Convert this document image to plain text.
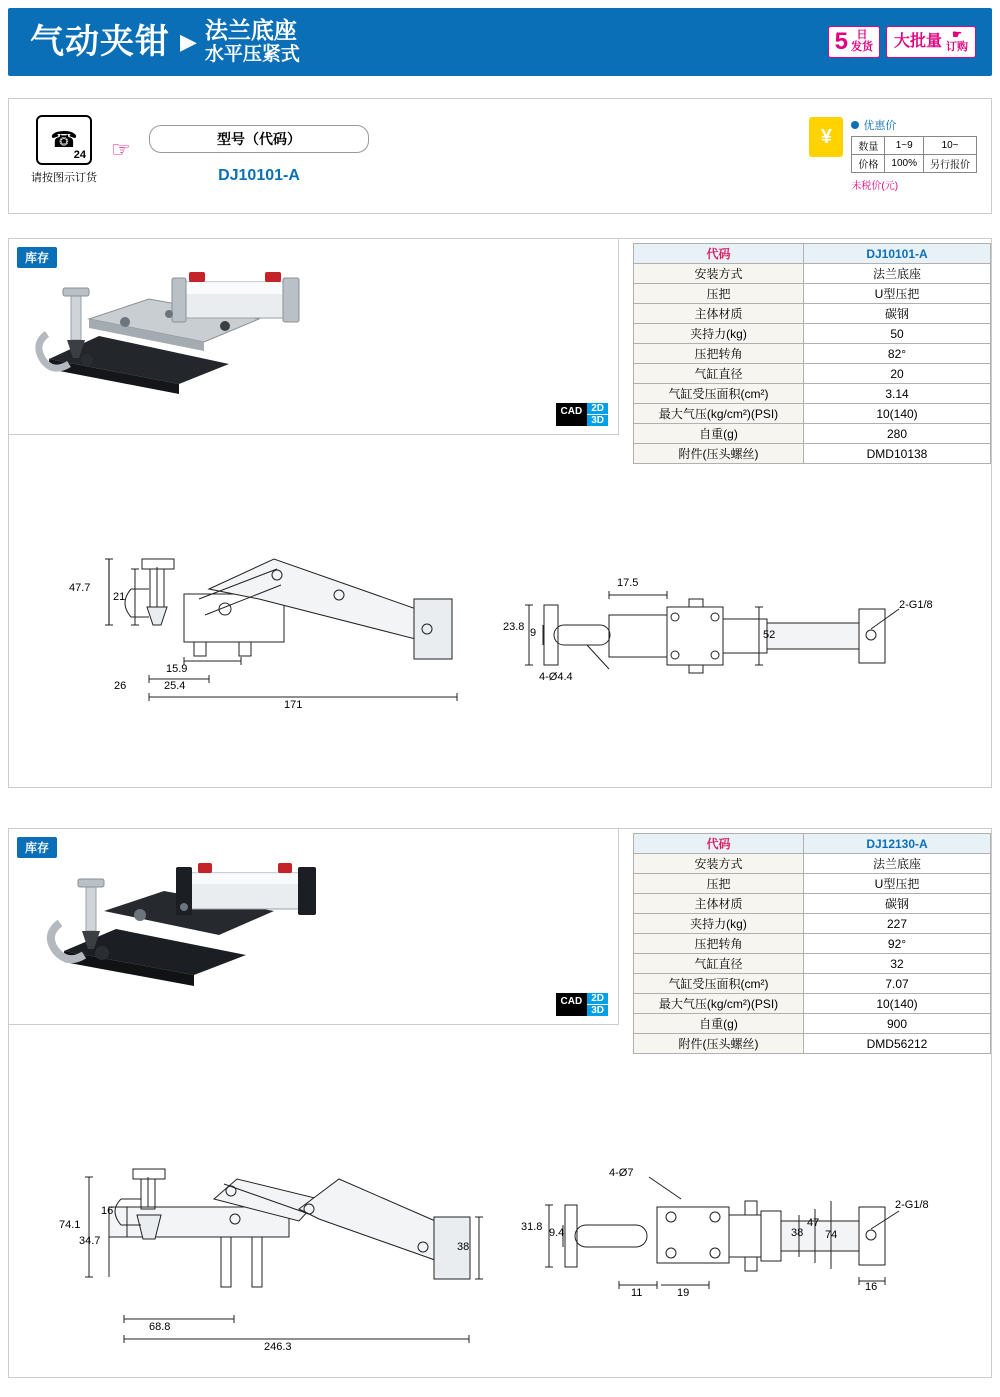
气动夹钳 ▶ 法兰底座
水平压紧式	5 日
发货 大批量 ☛
订购
☎
24
请按图示订货
☞	型号（代码）
DJ10101-A
¥	优惠价
数量	1~9	10~
价格	100%	另行报价
未税价(元)
库存
CAD 2D
3D
代码	DJ10101-A
安装方式	法兰底座
压把	U型压把
主体材质	碳钢
夹持力(kg)	50
压把转角	82°
气缸直径	20
气缸受压面积(cm²)	3.14
最大气压(kg/cm²)(PSI)	10(140)
自重(g)	280
附件(压头螺丝)	DMD10138
47.7
21
15.9
25.4
26
171
17.5
23.8 9
4-Ø4.4
52
2-G1/8
库存
CAD 2D
3D
代码	DJ12130-A
安装方式	法兰底座
压把	U型压把
主体材质	碳钢
夹持力(kg)	227
压把转角	92°
气缸直径	32
气缸受压面积(cm²)	7.07
最大气压(kg/cm²)(PSI)	10(140)
自重(g)	900
附件(压头螺丝)	DMD56212
74.1
34.7
16
68.8
246.3
38
4-Ø7
31.8 9.4
11	19
38
47
74
16
2-G1/8
